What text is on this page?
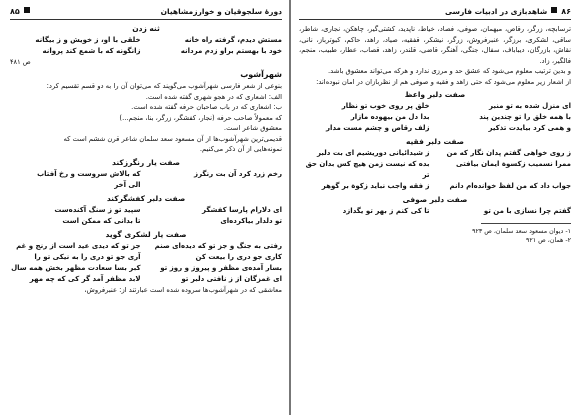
دورهٔ سلجوقیان و خوارزمشاهیان
۸۵
ثنه زدن
مستش دیدم، گرفته راه خانه
خلقی با او، ز خویش و ز بیگانه
خود با بهستم براو زدم مردانه
زانگونه که با شمع کند پروانه
ص ۴۸۱
شهرآشوب

بنوعی از شعر فارسی شهرآشوب می‌گویند که می‌توان آن را به دو قسم تقسیم کرد:

الف: اشعاری که در هجو شهری گفته شده است.
ب: اشعاری که در باب صاحبان حرفه گفته شده است.
که معمولاً صاحب حرفه (نجار، کفشگر، زرگر، بنا، منجم...)
معشوق شاعر است.
قدیمی‌ترین شهرآشوب‌ها از آن مسعود سعد سلمان شاعر قرن ششم است که
نمونه‌هایی از آن ذکر می‌کنیم.
صفت یار رنگرزکند
رخم زرد کرد آن بت رنگرز
که بالاش سروست و رخ آفتاب
الی آخر
صفت دلبر کفشگرکند
ای دلارام پارسا کفشگر
سپید تو ز سنگ آکنده‌ست
تو دلدار بیاکرده‌ای
تا بدانی که ممکن است
صفت یار لشکری گوید
رفتی به جنگ و جز تو که دیده‌ای صنم
جز تو که دیدی عید است از رنج و غم
کاری جو دری را بیعت کن
آری جو تو دری را به نیکی تو را
بسار آمده‌ی مظفر و پیروز و روز تو
کبر بسا سعادت مظهر بخش همه سال
ای غمزگان از ز نافتی دلبر تو
لابد مظفر آمد گر کی که چه مهر

معاشقی که در شهرآشوب‌ها سروده شده است عبارتند از: عنبرفروش،

۸۶
شاهدبازی در ادبیات فارسی

ترسابچه، زرگر، رقاص، میهمان، صوفی، فصاد، خیاط، ناپدید، کشتی‌گیر، چاهکن، نجاری، شاطر، ساقی، لشکری، برزگر، عنبرفروش، زرگر، نیشکر، قفقیه، صیاد، راهد، حاکم، کبوترباز، نانی، نقاش، بازرگان، دیباباف، سفال، جنگی، آهنگر، قاضی، قلندر، زاهد، قصاب، عطار، طبیب، منجم، فالگیر، زاد.

و بدین ترتیب معلوم می‌شود که عشق حد و مرزی ندارد و هرکه می‌تواند معشوق باشد.

از اشعار زیر معلوم می‌شود که حتی زاهد و فقیه و صوفی هم از نظربازان در امان نبوده‌اند:

صفت دلبر واعظ
ای منزل شده به تو منبر
خلق پر روی خوب تو نظار
با همه خلق را تو چندین پند
بدا دل من بیهوده مازار
و همی کرد بیایدت تذکیر
زلف رقاص و چشم مست مدار
صفت دلبر فقیه
ز روی خواهی گفتم پدان نگار که من
ز شیدائیانی دوریشیم ای بت دلبر
ممرا نسمیب زکسوة ایمان بیافتی
بده که نیست زمن هیچ کس بدان حق تر
جواب داد که من لفظ خوانده‌ام دانم
ز فقه واجب نباید زکوة بر گوهر
صفت دلبر صوفی
گفتم چرا نسازی با من تو
تا کی کنم ز بهر تو یگدازد
۱- دیوان مسعود سعد سلمان، ص ۹۲۳
۲- همان، ص ۹۲۱
